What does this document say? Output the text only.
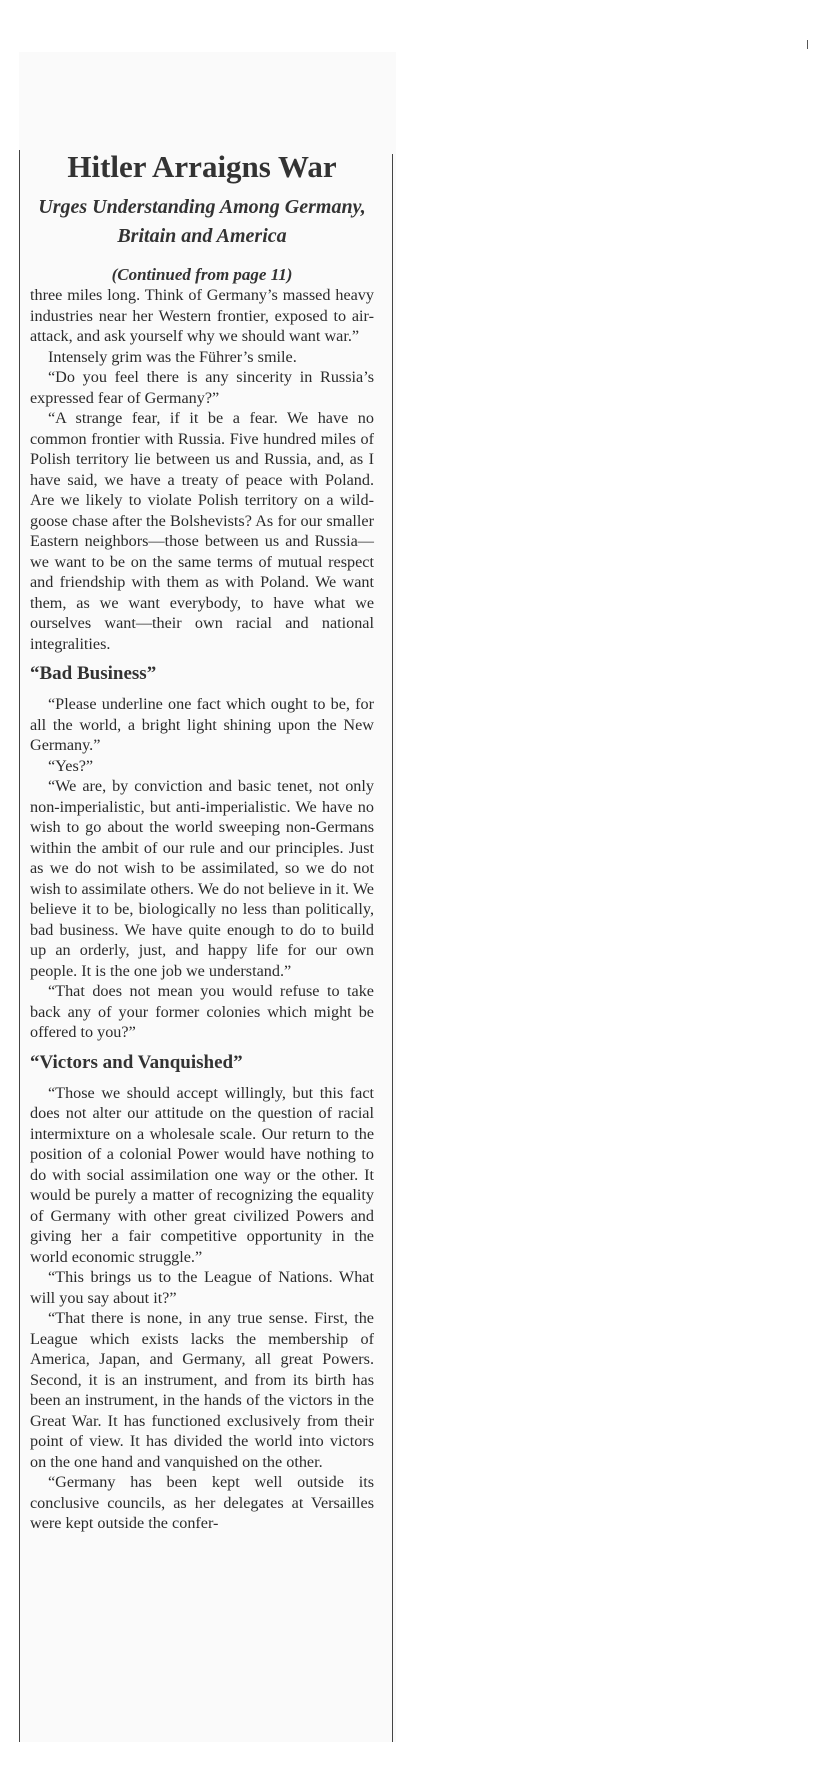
Hitler Arraigns War
Urges Understanding Among Germany, Britain and America
(Continued from page 11)

three miles long. Think of Germany’s massed heavy industries near her Western frontier, exposed to air-attack, and ask yourself why we should want war.”

Intensely grim was the Führer’s smile.

“Do you feel there is any sincerity in Russia’s expressed fear of Germany?”

“A strange fear, if it be a fear. We have no common frontier with Russia. Five hundred miles of Polish territory lie between us and Russia, and, as I have said, we have a treaty of peace with Poland. Are we likely to violate Polish territory on a wild-goose chase after the Bolshevists? As for our smaller Eastern neighbors—those between us and Russia—we want to be on the same terms of mutual respect and friendship with them as with Poland. We want them, as we want everybody, to have what we ourselves want—their own racial and national integralities.

“Bad Business”

“Please underline one fact which ought to be, for all the world, a bright light shining upon the New Germany.”

“Yes?”

“We are, by conviction and basic tenet, not only non-imperialistic, but anti-imperialistic. We have no wish to go about the world sweeping non-Germans within the ambit of our rule and our principles. Just as we do not wish to be assimilated, so we do not wish to assimilate others. We do not believe in it. We believe it to be, biologically no less than politically, bad business. We have quite enough to do to build up an orderly, just, and happy life for our own people. It is the one job we understand.”

“That does not mean you would refuse to take back any of your former colonies which might be offered to you?”

“Victors and Vanquished”

“Those we should accept willingly, but this fact does not alter our attitude on the question of racial intermixture on a wholesale scale. Our return to the position of a colonial Power would have nothing to do with social assimilation one way or the other. It would be purely a matter of recognizing the equality of Germany with other great civilized Powers and giving her a fair competitive opportunity in the world economic struggle.”

“This brings us to the League of Nations. What will you say about it?”

“That there is none, in any true sense. First, the League which exists lacks the membership of America, Japan, and Germany, all great Powers. Second, it is an instrument, and from its birth has been an instrument, in the hands of the victors in the Great War. It has functioned exclusively from their point of view. It has divided the world into victors on the one hand and vanquished on the other.

“Germany has been kept well outside its conclusive councils, as her delegates at Versailles were kept outside the confer-
